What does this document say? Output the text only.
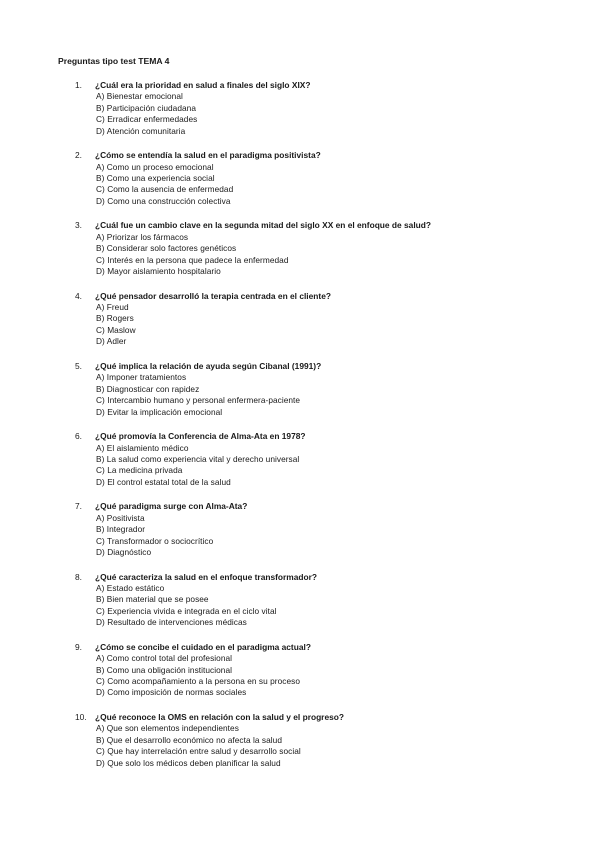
Preguntas tipo test TEMA 4
1. ¿Cuál era la prioridad en salud a finales del siglo XIX?
A) Bienestar emocional
B) Participación ciudadana
C) Erradicar enfermedades
D) Atención comunitaria
2. ¿Cómo se entendía la salud en el paradigma positivista?
A) Como un proceso emocional
B) Como una experiencia social
C) Como la ausencia de enfermedad
D) Como una construcción colectiva
3. ¿Cuál fue un cambio clave en la segunda mitad del siglo XX en el enfoque de salud?
A) Priorizar los fármacos
B) Considerar solo factores genéticos
C) Interés en la persona que padece la enfermedad
D) Mayor aislamiento hospitalario
4. ¿Qué pensador desarrolló la terapia centrada en el cliente?
A) Freud
B) Rogers
C) Maslow
D) Adler
5. ¿Qué implica la relación de ayuda según Cibanal (1991)?
A) Imponer tratamientos
B) Diagnosticar con rapidez
C) Intercambio humano y personal enfermera-paciente
D) Evitar la implicación emocional
6. ¿Qué promovía la Conferencia de Alma-Ata en 1978?
A) El aislamiento médico
B) La salud como experiencia vital y derecho universal
C) La medicina privada
D) El control estatal total de la salud
7. ¿Qué paradigma surge con Alma-Ata?
A) Positivista
B) Integrador
C) Transformador o sociocrítico
D) Diagnóstico
8. ¿Qué caracteriza la salud en el enfoque transformador?
A) Estado estático
B) Bien material que se posee
C) Experiencia vivida e integrada en el ciclo vital
D) Resultado de intervenciones médicas
9. ¿Cómo se concibe el cuidado en el paradigma actual?
A) Como control total del profesional
B) Como una obligación institucional
C) Como acompañamiento a la persona en su proceso
D) Como imposición de normas sociales
10. ¿Qué reconoce la OMS en relación con la salud y el progreso?
A) Que son elementos independientes
B) Que el desarrollo económico no afecta la salud
C) Que hay interrelación entre salud y desarrollo social
D) Que solo los médicos deben planificar la salud
